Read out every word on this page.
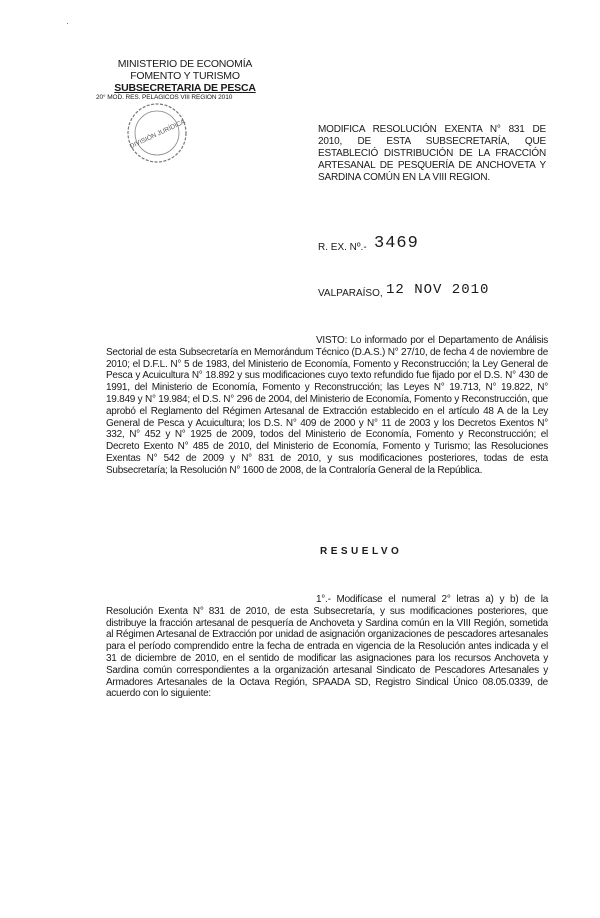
·
MINISTERIO DE ECONOMÍA
FOMENTO Y TURISMO
SUBSECRETARIA DE PESCA
20° MOD. RES. PELAGICOS VIII REGION 2010
DIVISIÓN JURÍDICA	MODIFICA RESOLUCIÓN EXENTA N° 831 DE 2010, DE ESTA SUBSECRETARÍA, QUE ESTABLECIÓ DISTRIBUCIÓN DE LA FRACCIÓN ARTESANAL DE PESQUERÍA DE ANCHOVETA Y SARDINA COMÚN EN LA VIII REGION.
R. EX. Nº.- 3469
VALPARAÍSO, 12 NOV 2010
VISTO: Lo informado por el Departamento de Análisis Sectorial de esta Subsecretaría en Memorándum Técnico (D.A.S.) N° 27/10, de fecha 4 de noviembre de 2010; el D.F.L. N° 5 de 1983, del Ministerio de Economía, Fomento y Reconstrucción; la Ley General de Pesca y Acuicultura N° 18.892 y sus modificaciones cuyo texto refundido fue fijado por el D.S. N° 430 de 1991, del Ministerio de Economía, Fomento y Reconstrucción; las Leyes N° 19.713, N° 19.822, N° 19.849 y N° 19.984; el D.S. N° 296 de 2004, del Ministerio de Economía, Fomento y Reconstrucción, que aprobó el Reglamento del Régimen Artesanal de Extracción establecido en el artículo 48 A de la Ley General de Pesca y Acuicultura; los D.S. N° 409 de 2000 y N° 11 de 2003 y los Decretos Exentos N° 332, N° 452 y N° 1925 de 2009, todos del Ministerio de Economía, Fomento y Reconstrucción; el Decreto Exento N° 485 de 2010, del Ministerio de Economía, Fomento y Turismo; las Resoluciones Exentas N° 542 de 2009 y N° 831 de 2010, y sus modificaciones posteriores, todas de esta Subsecretaría; la Resolución N° 1600 de 2008, de la Contraloría General de la República.
RESUELVO
1°.- Modifícase el numeral 2° letras a) y b) de la Resolución Exenta N° 831 de 2010, de esta Subsecretaría, y sus modificaciones posteriores, que distribuye la fracción artesanal de pesquería de Anchoveta y Sardina común en la VIII Región, sometida al Régimen Artesanal de Extracción por unidad de asignación organizaciones de pescadores artesanales para el período comprendido entre la fecha de entrada en vigencia de la Resolución antes indicada y el 31 de diciembre de 2010, en el sentido de modificar las asignaciones para los recursos Anchoveta y Sardina común correspondientes a la organización artesanal Sindicato de Pescadores Artesanales y Armadores Artesanales de la Octava Región, SPAADA SD, Registro Sindical Único 08.05.0339, de acuerdo con lo siguiente:
